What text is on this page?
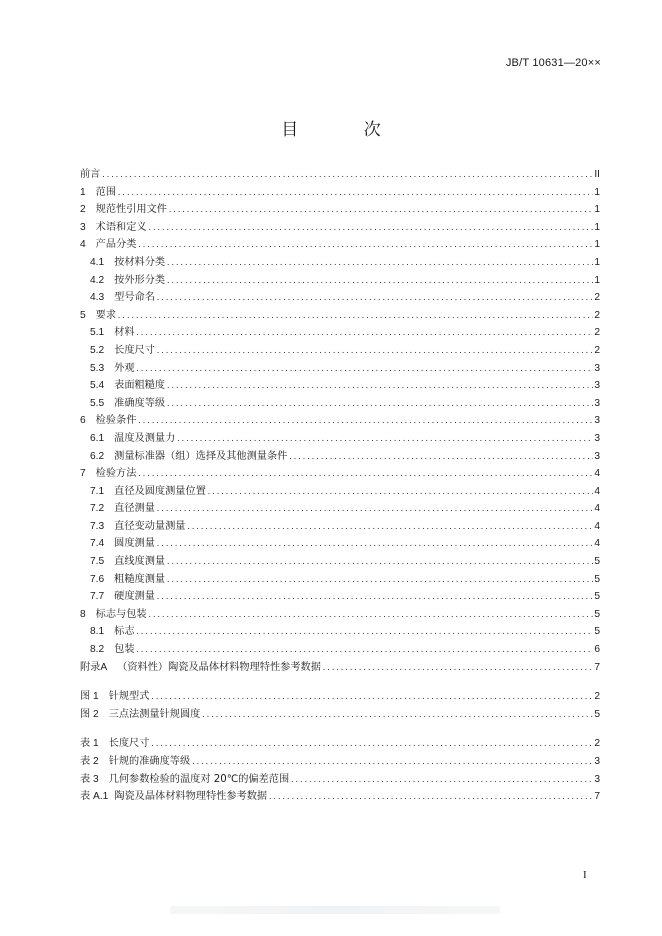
JB/T 10631—20××
目 次
前言 .....	II
1 范围 .....	1
2 规范性引用文件 .....	1
3 术语和定义 .....	1
4 产品分类 .....	1
4.1 按材料分类 .....	1
4.2 按外形分类 .....	1
4.3 型号命名 .....	2
5 要求 .....	2
5.1 材料 .....	2
5.2 长度尺寸 .....	2
5.3 外观 .....	3
5.4 表面粗糙度 .....	3
5.5 准确度等级 .....	3
6 检验条件 .....	3
6.1 温度及测量力 .....	3
6.2 测量标准器（组）选择及其他测量条件 .....	3
7 检验方法 .....	4
7.1 直径及圆度测量位置 .....	4
7.2 直径测量 .....	4
7.3 直径变动量测量 .....	4
7.4 圆度测量 .....	4
7.5 直线度测量 .....	5
7.6 粗糙度测量 .....	5
7.7 硬度测量 .....	5
8 标志与包装 .....	5
8.1 标志 .....	5
8.2 包装 .....	6
附录A （资料性）陶瓷及晶体材料物理特性参考数据 .....	7
图 1 针规型式 .....	2
图 2 三点法测量针规圆度 .....	5
表 1 长度尺寸 .....	2
表 2 针规的准确度等级 .....	3
表 3 几何参数检验的温度对 20℃的偏差范围 .....	3
表 A.1 陶瓷及晶体材料物理特性参考数据 .....	7
I
